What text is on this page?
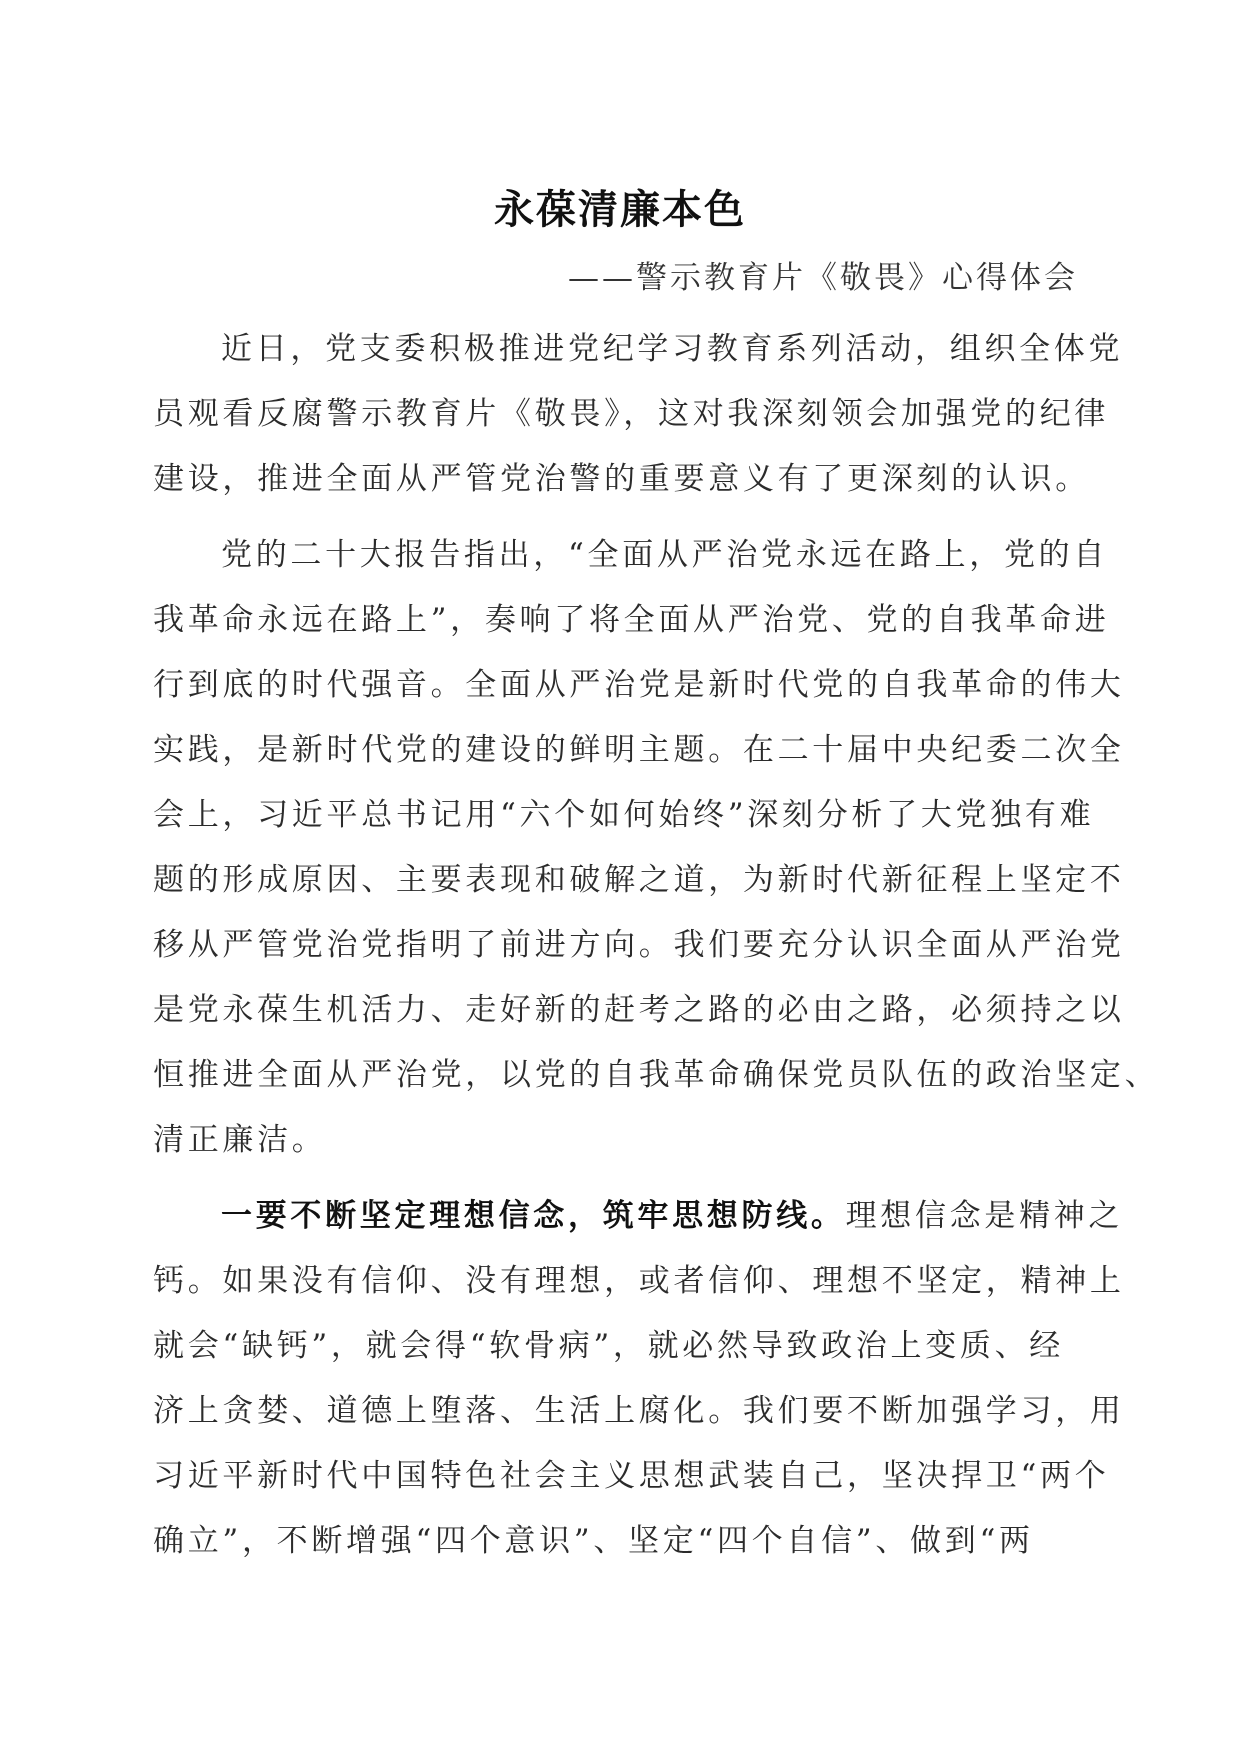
永葆清廉本色

——警示教育片《敬畏》心得体会

近日，党支委积极推进党纪学习教育系列活动，组织全体党
员观看反腐警示教育片《敬畏》，这对我深刻领会加强党的纪律
建设，推进全面从严管党治警的重要意义有了更深刻的认识。
党的二十大报告指出，“全面从严治党永远在路上，党的自
我革命永远在路上”，奏响了将全面从严治党、党的自我革命进
行到底的时代强音。全面从严治党是新时代党的自我革命的伟大
实践，是新时代党的建设的鲜明主题。在二十届中央纪委二次全
会上，习近平总书记用“六个如何始终”深刻分析了大党独有难
题的形成原因、主要表现和破解之道，为新时代新征程上坚定不
移从严管党治党指明了前进方向。我们要充分认识全面从严治党
是党永葆生机活力、走好新的赶考之路的必由之路，必须持之以
恒推进全面从严治党，以党的自我革命确保党员队伍的政治坚定、
清正廉洁。
一要不断坚定理想信念，筑牢思想防线。理想信念是精神之
钙。如果没有信仰、没有理想，或者信仰、理想不坚定，精神上
就会“缺钙”，就会得“软骨病”，就必然导致政治上变质、经
济上贪婪、道德上堕落、生活上腐化。我们要不断加强学习，用
习近平新时代中国特色社会主义思想武装自己，坚决捍卫“两个
确立”，不断增强“四个意识”、坚定“四个自信”、做到“两
